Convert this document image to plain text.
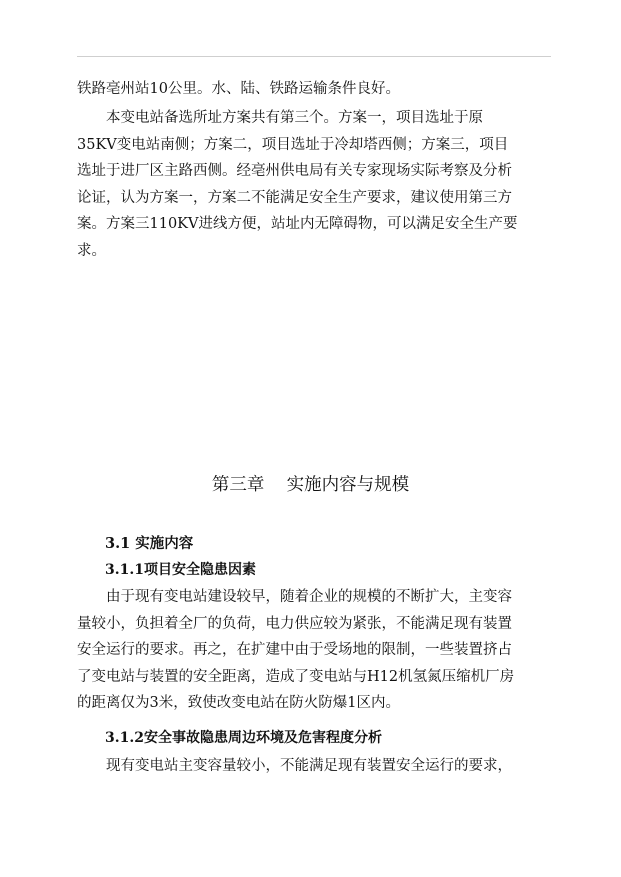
铁路亳州站10公里。水、陆、铁路运输条件良好。

本变电站备选所址方案共有第三个。方案一，项目选址于原
35KV变电站南侧；方案二，项目选址于冷却塔西侧；方案三，项目
选址于进厂区主路西侧。经亳州供电局有关专家现场实际考察及分析
论证，认为方案一，方案二不能满足安全生产要求，建议使用第三方
案。方案三110KV进线方便，站址内无障碍物，可以满足安全生产要
求。

第三章    实施内容与规模
3.1 实施内容
3.1.1项目安全隐患因素

由于现有变电站建设较早，随着企业的规模的不断扩大，主变容
量较小，负担着全厂的负荷，电力供应较为紧张，不能满足现有装置
安全运行的要求。再之，在扩建中由于受场地的限制，一些装置挤占
了变电站与装置的安全距离，造成了变电站与H12机氢氮压缩机厂房
的距离仅为3米，致使改变电站在防火防爆1区内。

3.1.2安全事故隐患周边环境及危害程度分析

现有变电站主变容量较小，不能满足现有装置安全运行的要求，
